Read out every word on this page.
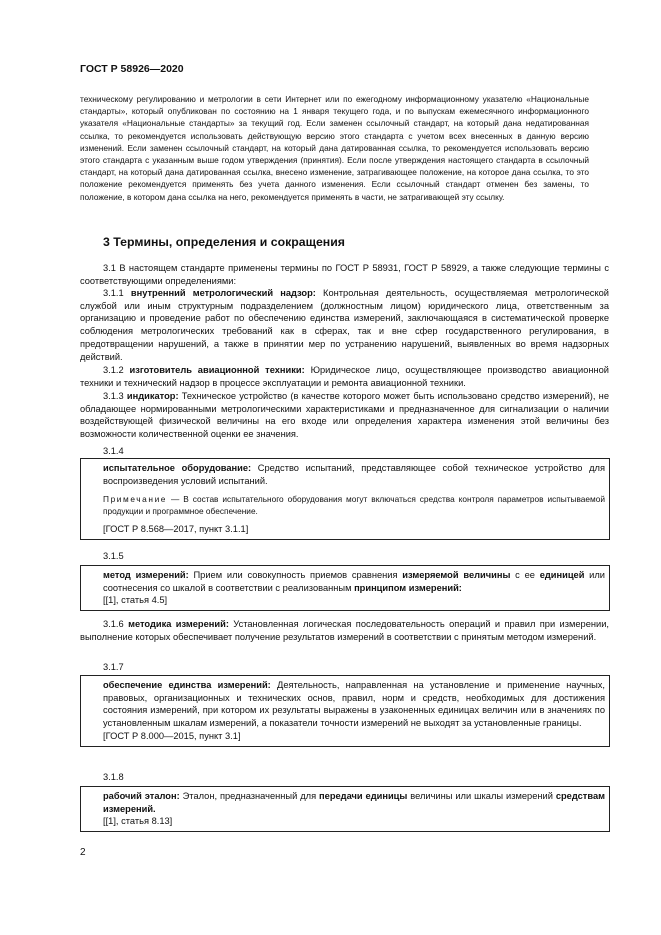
ГОСТ Р 58926—2020

техническому регулированию и метрологии в сети Интернет или по ежегодному информационному указателю «Национальные стандарты», который опубликован по состоянию на 1 января текущего года, и по выпускам ежемесячного информационного указателя «Национальные стандарты» за текущий год. Если заменен ссылочный стандарт, на который дана недатированная ссылка, то рекомендуется использовать действующую версию этого стандарта с учетом всех внесенных в данную версию изменений. Если заменен ссылочный стандарт, на который дана датированная ссылка, то рекомендуется использовать версию этого стандарта с указанным выше годом утверждения (принятия). Если после утверждения настоящего стандарта в ссылочный стандарт, на который дана датированная ссылка, внесено изменение, затрагивающее положение, на которое дана ссылка, то это положение рекомендуется применять без учета данного изменения. Если ссылочный стандарт отменен без замены, то положение, в котором дана ссылка на него, рекомендуется применять в части, не затрагивающей эту ссылку.

3 Термины, определения и сокращения
3.1 В настоящем стандарте применены термины по ГОСТ Р 58931, ГОСТ Р 58929, а также следующие термины с соответствующими определениями:
3.1.1 внутренний метрологический надзор: Контрольная деятельность, осуществляемая метрологической службой или иным структурным подразделением (должностным лицом) юридического лица, ответственным за организацию и проведение работ по обеспечению единства измерений, заключающаяся в систематической проверке соблюдения метрологических требований как в сферах, так и вне сфер государственного регулирования, в предотвращении нарушений, а также в принятии мер по устранению нарушений, выявленных во время надзорных действий.
3.1.2 изготовитель авиационной техники: Юридическое лицо, осуществляющее производство авиационной техники и технический надзор в процессе эксплуатации и ремонта авиационной техники.
3.1.3 индикатор: Техническое устройство (в качестве которого может быть использовано средство измерений), не обладающее нормированными метрологическими характеристиками и предназначенное для сигнализации о наличии воздействующей физической величины на его входе или определения характера изменения этой величины без возможности количественной оценки ее значения.
3.1.4

испытательное оборудование: Средство испытаний, представляющее собой техническое устройство для воспроизведения условий испытаний.

Примечание — В состав испытательного оборудования могут включаться средства контроля параметров испытываемой продукции и программное обеспечение.

[ГОСТ Р 8.568—2017, пункт 3.1.1]

3.1.5

метод измерений: Прием или совокупность приемов сравнения измеряемой величины с ее единицей или соотнесения со шкалой в соответствии с реализованным принципом измерений:

[[1], статья 4.5]

3.1.6 методика измерений: Установленная логическая последовательность операций и правил при измерении, выполнение которых обеспечивает получение результатов измерений в соответствии с принятым методом измерений.
3.1.7

обеспечение единства измерений: Деятельность, направленная на установление и применение научных, правовых, организационных и технических основ, правил, норм и средств, необходимых для достижения состояния измерений, при котором их результаты выражены в узаконенных единицах величин или в значениях по установленным шкалам измерений, а показатели точности измерений не выходят за установленные границы.

[ГОСТ Р 8.000—2015, пункт 3.1]

3.1.8

рабочий эталон: Эталон, предназначенный для передачи единицы величины или шкалы измерений средствам измерений.

[[1], статья 8.13]

2
